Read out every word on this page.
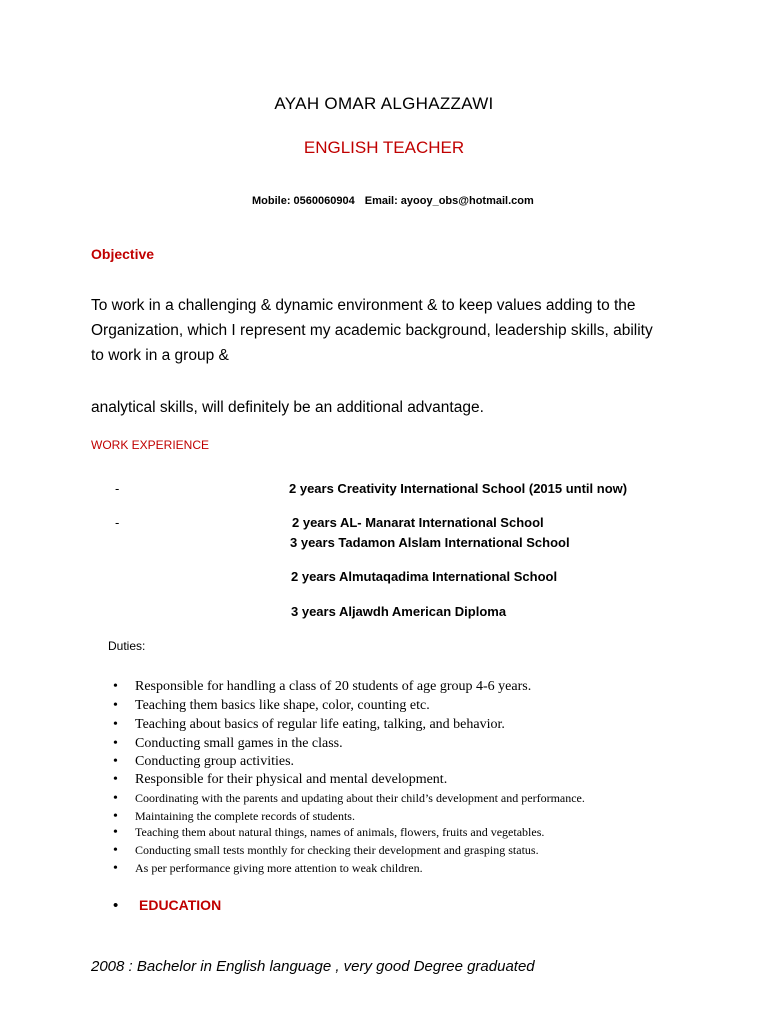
AYAH OMAR ALGHAZZAWI
ENGLISH TEACHER
Mobile: 0560060904 Email: ayooy_obs@hotmail.com
Objective
To work in a challenging & dynamic environment & to keep values adding to the
Organization, which I represent my academic background, leadership skills, ability
to work in a group &
analytical skills, will definitely be an additional advantage.
WORK EXPERIENCE
-	2 years Creativity International School (2015 until now)
-	2 years AL- Manarat International School
3 years Tadamon Alslam International School
2 years Almutaqadima International School
3 years Aljawdh American Diploma
Duties:
• Responsible for handling a class of 20 students of age group 4-6 years.
• Teaching them basics like shape, color, counting etc.
• Teaching about basics of regular life eating, talking, and behavior.
• Conducting small games in the class.
• Conducting group activities.
• Responsible for their physical and mental development.
• Coordinating with the parents and updating about their child’s development and performance.
• Maintaining the complete records of students.
• Teaching them about natural things, names of animals, flowers, fruits and vegetables.
• Conducting small tests monthly for checking their development and grasping status.
• As per performance giving more attention to weak children.
• EDUCATION
2008 : Bachelor in English language , very good Degree graduated
